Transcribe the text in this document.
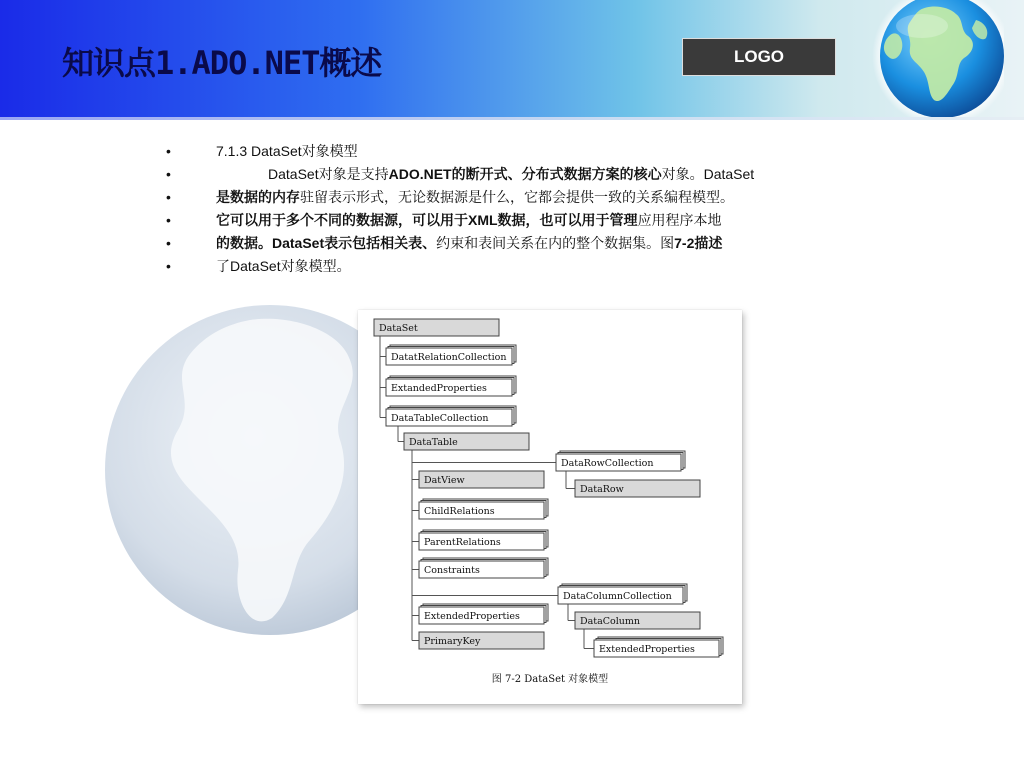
知识点1.ADO.NET概述	LOGO
•	7.1.3 DataSet对象模型
•	DataSet对象是支持ADO.NET的断开式、分布式数据方案的核心对象。DataSet
•	是数据的内存驻留表示形式，无论数据源是什么，它都会提供一致的关系编程模型。
•	它可以用于多个不同的数据源，可以用于XML数据，也可以用于管理应用程序本地
•	的数据。DataSet表示包括相关表、约束和表间关系在内的整个数据集。图7-2描述
•	了DataSet对象模型。
DataSet
DatatRelationCollection
ExtandedProperties
DataTableCollection
DataTable
DataRowCollection
DataRow
DatView
ChildRelations
ParentRelations
Constraints
DataColumnCollection
ExtendedProperties
PrimaryKey
DataColumn
ExtendedProperties
图 7-2 DataSet 对象模型
